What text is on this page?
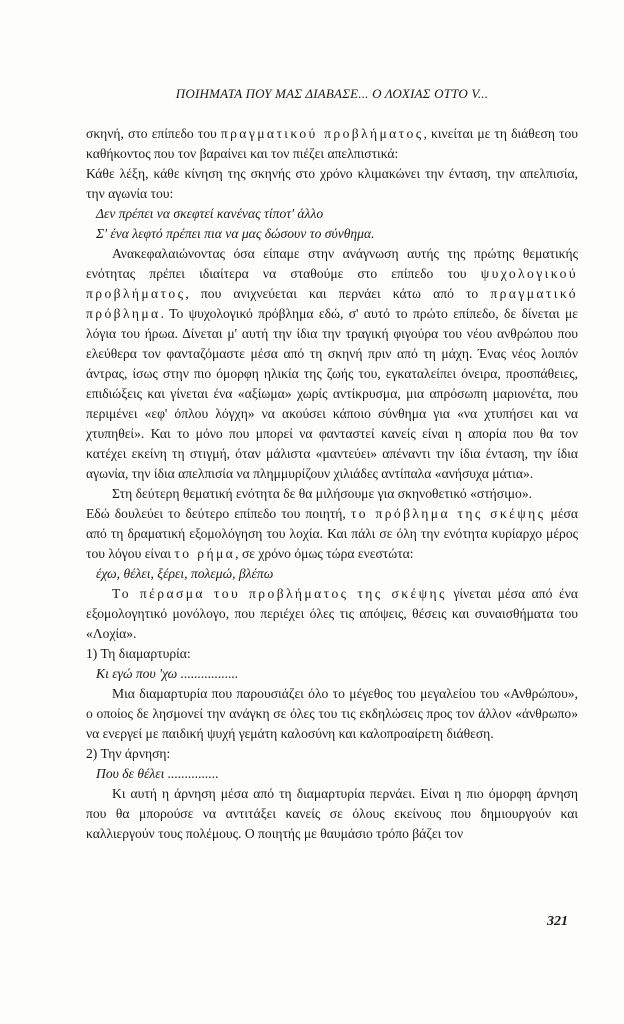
ΠΟΙΗΜΑΤΑ ΠΟΥ ΜΑΣ ΔΙΑΒΑΣΕ... Ο ΛΟΧΙΑΣ ΟΤΤΟ V...

σκηνή, στο επίπεδο του πραγματικού προβλήματος, κινείται με τη διάθεση του καθήκοντος που τον βαραίνει και τον πιέζει απελπιστικά:

Κάθε λέξη, κάθε κίνηση της σκηνής στο χρόνο κλιμακώνει την ένταση, την απελπισία, την αγωνία του:

Δεν πρέπει να σκεφτεί κανένας τίποτ' άλλο

Σ' ένα λεφτό πρέπει πια να μας δώσουν το σύνθημα.

Ανακεφαλαιώνοντας όσα είπαμε στην ανάγνωση αυτής της πρώτης θεματικής ενότητας πρέπει ιδιαίτερα να σταθούμε στο επίπεδο του ψυχολογικού προβλήματος, που ανιχνεύεται και περνάει κάτω από το πραγματικό πρόβλημα. Το ψυχολογικό πρόβλημα εδώ, σ' αυτό το πρώτο επίπεδο, δε δίνεται με λόγια του ήρωα. Δίνεται μ' αυτή την ίδια την τραγική φιγούρα του νέου ανθρώπου που ελεύθερα τον φανταζόμαστε μέσα από τη σκηνή πριν από τη μάχη. Ένας νέος λοιπόν άντρας, ίσως στην πιο όμορφη ηλικία της ζωής του, εγκαταλείπει όνειρα, προσπάθειες, επιδιώξεις και γίνεται ένα «αξίωμα» χωρίς αντίκρυσμα, μια απρόσωπη μαριονέτα, που περιμένει «εφ' όπλου λόγχη» να ακούσει κάποιο σύνθημα για «να χτυπήσει και να χτυπηθεί». Και το μόνο που μπορεί να φανταστεί κανείς είναι η απορία που θα τον κατέχει εκείνη τη στιγμή, όταν μάλιστα «μαντεύει» απέναντι την ίδια ένταση, την ίδια αγωνία, την ίδια απελπισία να πλημμυρίζουν χιλιάδες αντίπαλα «ανήσυχα μάτια».

Στη δεύτερη θεματική ενότητα δε θα μιλήσουμε για σκηνοθετικό «στήσιμο».

Εδώ δουλεύει το δεύτερο επίπεδο του ποιητή, το πρόβλημα της σκέψης μέσα από τη δραματική εξομολόγηση του λοχία. Και πάλι σε όλη την ενότητα κυρίαρχο μέρος του λόγου είναι το ρήμα, σε χρόνο όμως τώρα ενεστώτα:

έχω, θέλει, ξέρει, πολεμώ, βλέπω

Το πέρασμα του προβλήματος της σκέψης γίνεται μέσα από ένα εξομολογητικό μονόλογο, που περιέχει όλες τις απόψεις, θέσεις και συναισθήματα του «Λοχία».

1) Τη διαμαρτυρία:

Κι εγώ που 'χω .................

Μια διαμαρτυρία που παρουσιάζει όλο το μέγεθος του μεγαλείου του «Ανθρώπου», ο οποίος δε λησμονεί την ανάγκη σε όλες του τις εκδηλώσεις προς τον άλλον «άνθρωπο» να ενεργεί με παιδική ψυχή γεμάτη καλοσύνη και καλοπροαίρετη διάθεση.

2) Την άρνηση:

Που δε θέλει ...............

Κι αυτή η άρνηση μέσα από τη διαμαρτυρία περνάει. Είναι η πιο όμορφη άρνηση που θα μπορούσε να αντιτάξει κανείς σε όλους εκείνους που δημιουργούν και καλλιεργούν τους πολέμους. Ο ποιητής με θαυμάσιο τρόπο βάζει τον

321
